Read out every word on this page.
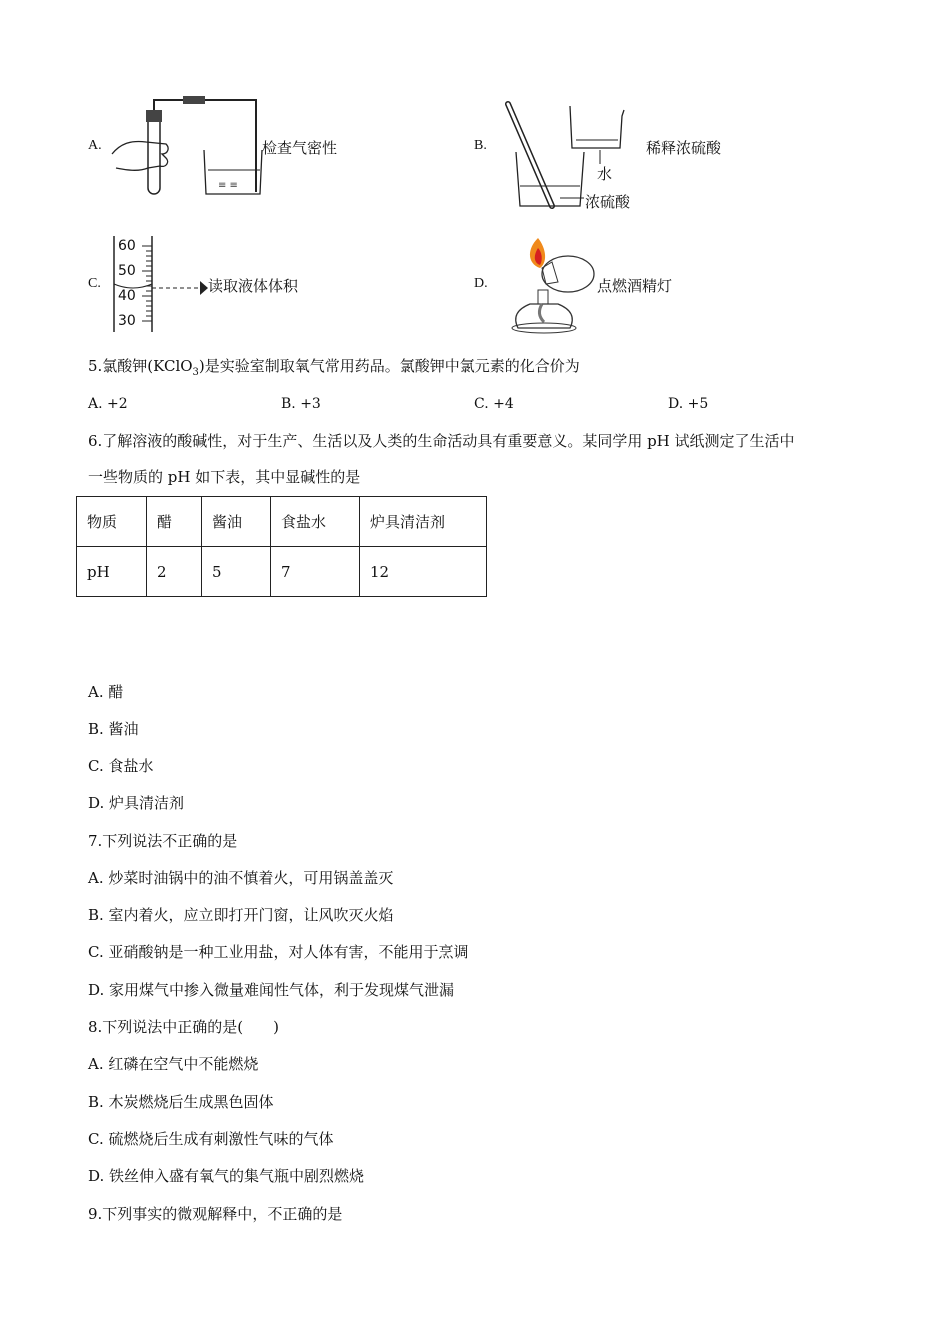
A.
≡ ≡
检查气密性	B.
水
浓硫酸
稀释浓硫酸
C.
60
50
40
30
读取液体体积	D.	点燃酒精灯
5.氯酸钾(KClO$_3$)是实验室制取氧气常用药品。氯酸钾中氯元素的化合价为
A. +2	B. +3	C. +4	D. +5
6.了解溶液的酸碱性，对于生产、生活以及人类的生命活动具有重要意义。某同学用 pH 试纸测定了生活中
一些物质的 pH 如下表，其中显碱性的是
物质	醋	酱油	食盐水	炉具清洁剂
pH	2	5	7	12
A. 醋
B. 酱油
C. 食盐水
D. 炉具清洁剂
7.下列说法不正确的是
A. 炒菜时油锅中的油不慎着火，可用锅盖盖灭
B. 室内着火，应立即打开门窗，让风吹灭火焰
C. 亚硝酸钠是一种工业用盐，对人体有害，不能用于烹调
D. 家用煤气中掺入微量难闻性气体，利于发现煤气泄漏
8.下列说法中正确的是(　　)
A. 红磷在空气中不能燃烧
B. 木炭燃烧后生成黑色固体
C. 硫燃烧后生成有刺激性气味的气体
D. 铁丝伸入盛有氧气的集气瓶中剧烈燃烧
9.下列事实的微观解释中，不正确的是
